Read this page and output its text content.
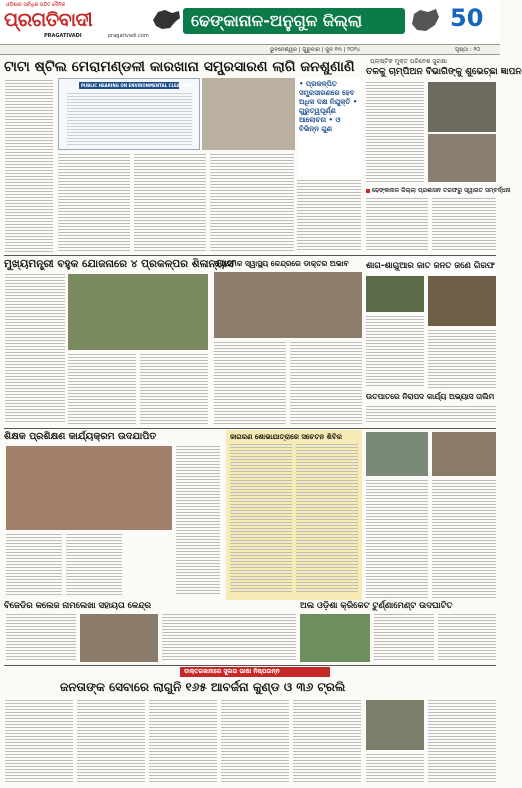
ଓଡ଼ିଶାର ସର୍ବାଧିକ ପଠିତ ଦୈନିକ
ପ୍ରଗତିବାଦୀ
PRAGATIVADI	pragativadi.com
ଢେଙ୍କାନାଳ-ଅନୁଗୁଳ ଜିଲ୍ଲା	50
ଭୁବନେଶ୍ୱର | ଗୁରୁବାର | ଜୁନ ୧୩ | ୨୦୨୪	ପୃଷ୍ଠା : ୧୦
ଟାଟା ଷ୍ଟିଲ ମେରାମଣ୍ଡଳୀ କାରଖାନା ସମ୍ପ୍ରସାରଣ ଲାଗି ଜନଶୁଣାଣି
PUBLIC HEARING ON ENVIRONMENTAL CLEARANCE	• ପ୍ରକଳ୍ପିତ ସମ୍ପ୍ରସାରଣରେ ହେବ ଅଧିକ ଦକ୍ଷ ନିଯୁକ୍ତି • ଗୁରୁତ୍ୱପୂର୍ଣ୍ଣ ଆଲୋଚନା • ଓ ବିଭିନ୍ନ ଗୁଣ
ପ୍ଲାଷ୍ଟିକ ମୁକ୍ତ ପରିବେଶ ସୁରକ୍ଷା
ତଳକୁ ଚାମ୍ପିଅନ ବିଭାଗିଙ୍କୁ ଶୁଭେଚ୍ଛା ଜ୍ଞାପନ
ଢେଙ୍କାନାଳ ଜିଲ୍ଲା ପ୍ରଶାସନ ତରଫରୁ ସ୍ୱାଗତ ସମ୍ବର୍ଦ୍ଧନା
ମୁଖ୍ୟମନ୍ତ୍ରୀ ବହୁକ ଯୋଜନାରେ ୪ ପ୍ରକଳ୍ପର ଶିଳାନ୍ୟାସ
ପ୍ରାଥମିକ ସ୍ୱାସ୍ଥ୍ୟ କେନ୍ଦ୍ରରେ ଡାକ୍ତର ଅଭାବ	ଶାଗ-ଶାଗୁଆର ଜାତ ଜନତ ଜଣେ ଗିରଫ
ଉତପାତରେ ନିରାପଦ କାର୍ଯ୍ୟ ଅଭ୍ୟାସ ତାଲିମ
ଶିକ୍ଷକ ପ୍ରଶିକ୍ଷଣ କାର୍ଯ୍ୟକ୍ରମ ଉଦଯାପିତ	ଜାଗରଣ ଶୋଭାଯାତ୍ରାରେ ସଚେତନ ଶିବିର
ଅଲ ଓଡ଼ିଶା କ୍ରିକେଟ ଟୁର୍ଣ୍ଣାମେଣ୍ଟ ଉଦଘାଟିତ
ବିଜେଡିର କଲେଜ ନାମଲେଖା ସହାୟତା କେନ୍ଦ୍ର
ଡାକ୍ତରଖାନାରେ ସୁଲଭ ଭାଷା ନିଷ୍ପଉନ୍ନ
ଜନତାଙ୍କ ସେବାରେ ଲାଗୁନି ୧୬୫ ଆବର୍ଜନା କୁଣ୍ଡ ଓ ୩୬ ଟ୍ରଲି
